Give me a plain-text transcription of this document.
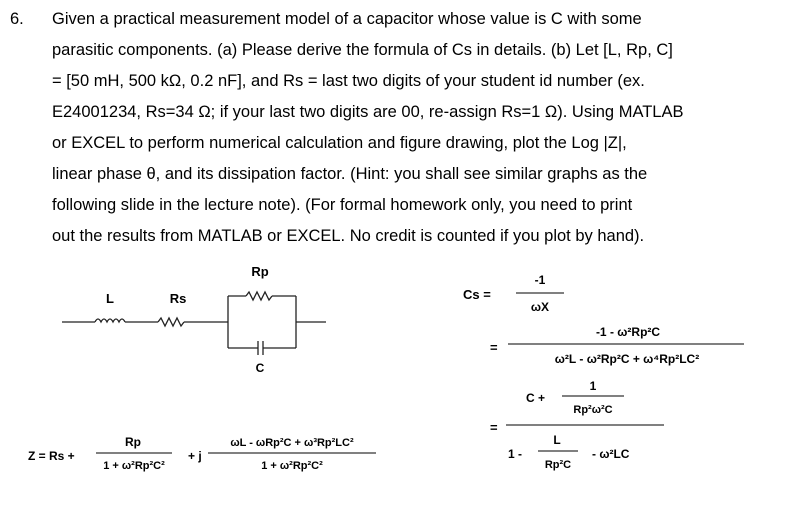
6. Given a practical measurement model of a capacitor whose value is C with some
parasitic components. (a) Please derive the formula of Cs in details. (b) Let [L, Rp, C]
= [50 mH, 500 kΩ, 0.2 nF], and Rs = last two digits of your student id number (ex.
E24001234, Rs=34 Ω; if your last two digits are 00, re-assign Rs=1 Ω). Using MATLAB
or EXCEL to perform numerical calculation and figure drawing, plot the Log |Z|,
linear phase θ, and its dissipation factor. (Hint: you shall see similar graphs as the
following slide in the lecture note). (For formal homework only, you need to print
out the results from MATLAB or EXCEL. No credit is counted if you plot by hand).
L	Rs
Rp
C
Z = Rs +
Rp
1 + ω²Rp²C²
+ j
ωL - ωRp²C + ω³Rp²LC²
1 + ω²Rp²C²
Cs =
-1
ωX
=
-1 - ω²Rp²C
ω²L - ω²Rp²C + ω⁴Rp²LC²
=
C +
1
Rp²ω²C
1 -
L
Rp²C
- ω²LC
